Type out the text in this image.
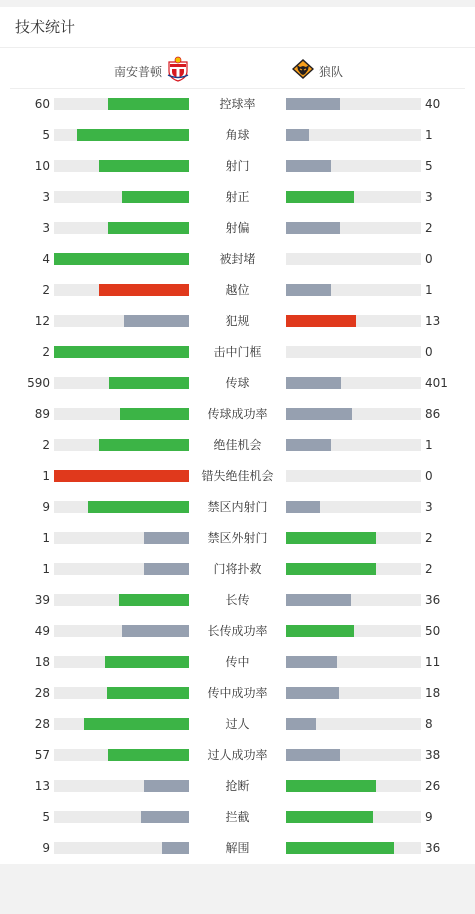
技术统计
南安普顿	狼队
60	控球率	40
5	角球	1
10	射门	5
3	射正	3
3	射偏	2
4	被封堵	0
2	越位	1
12	犯规	13
2	击中门框	0
590	传球	401
89	传球成功率	86
2	绝佳机会	1
1	错失绝佳机会	0
9	禁区内射门	3
1	禁区外射门	2
1	门将扑救	2
39	长传	36
49	长传成功率	50
18	传中	11
28	传中成功率	18
28	过人	8
57	过人成功率	38
13	抢断	26
5	拦截	9
9	解围	36
